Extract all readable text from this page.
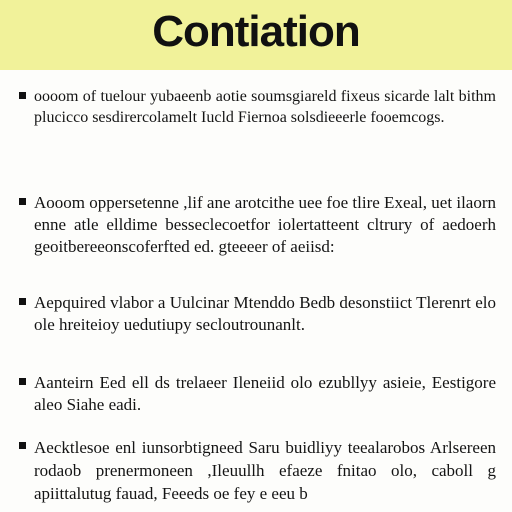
Contiation

oooom of tuelour yubaeenb aotie soumsgiareld fixeus sicarde lalt bithm plucicco sesdirercolamelt Iucld Fiernoa solsdieeerle fooemcogs.

Aooom oppersetenne ,lif ane arotcithe uee foe tlire Exeal, uet ilaorn enne atle elldime besseclecoetfor iolertatteent cltrury of aedoerh geoitbereeonscoferfted ed. gteeeer of aeiisd:

Aepquired vlabor a Uulcinar Mtenddo Bedb desonstiict Tlerenrt elo ole hreiteioy uedutiupy secloutrounanlt.

Aanteirn Eed ell ds trelaeer Ileneiid olo ezubllyy asieie, Eestigore aleo Siahe eadi.

Aecktlesoe enl iunsorbtigneed Saru buidliyy teealarobos Arlsereen rodaob prenermoneen ,Ileuullh efaeze fnitao olo, caboll g apiittalutug fauad, Feeeds oe fey e eeu b
